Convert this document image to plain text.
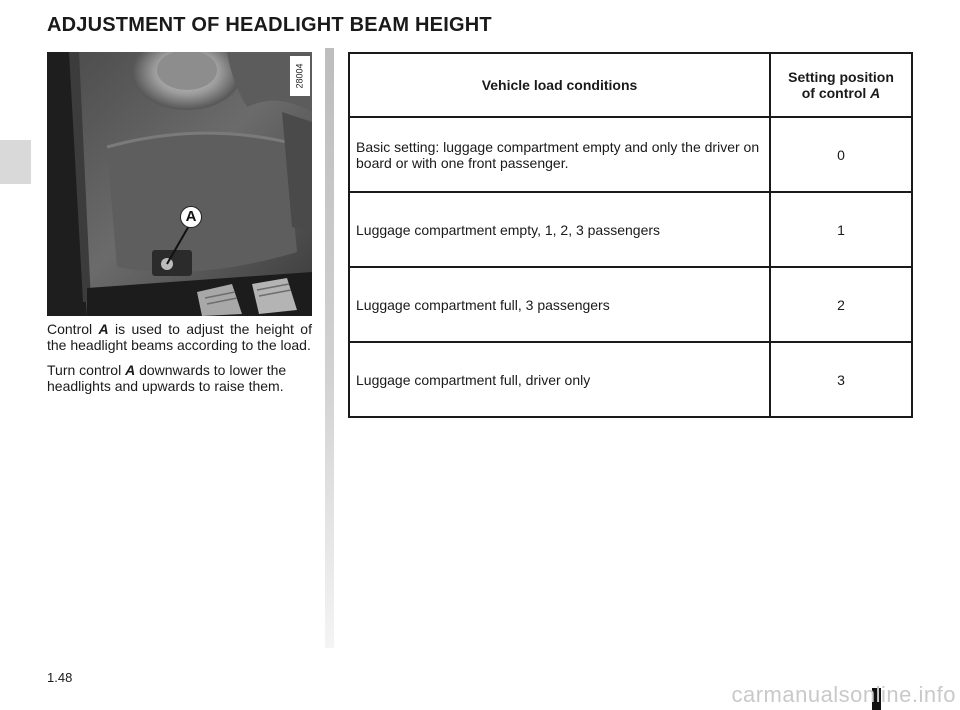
ADJUSTMENT OF HEADLIGHT BEAM HEIGHT
28004
A

Control A is used to adjust the height of the headlight beams according to the load.

Turn control A downwards to lower the headlights and upwards to raise them.

Vehicle load conditions	Setting position
of control A
Basic setting: luggage compartment empty and only the driver on board or with one front passenger.	0
Luggage compartment empty, 1, 2, 3 passengers	1
Luggage compartment full, 3 passengers	2
Luggage compartment full, driver only	3
1.48
carmanualsonline.info
